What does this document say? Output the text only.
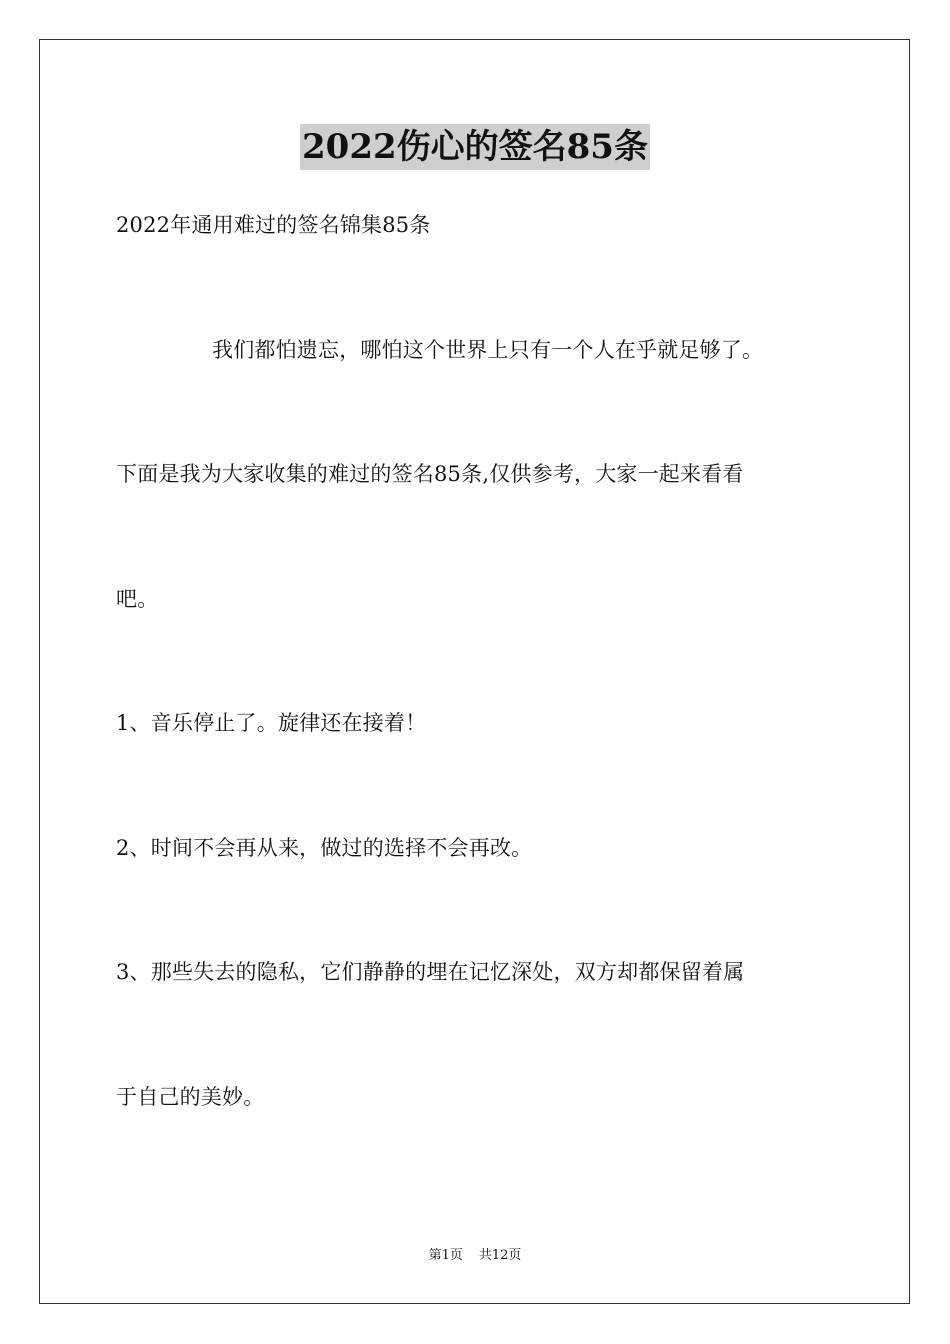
2022伤心的签名85条
2022年通用难过的签名锦集85条
我们都怕遗忘，哪怕这个世界上只有一个人在乎就足够了。
下面是我为大家收集的难过的签名85条,仅供参考，大家一起来看看
吧。
1、音乐停止了。旋律还在接着！
2、时间不会再从来，做过的选择不会再改。
3、那些失去的隐私，它们静静的埋在记忆深处，双方却都保留着属
于自己的美妙。
第1页 共12页
